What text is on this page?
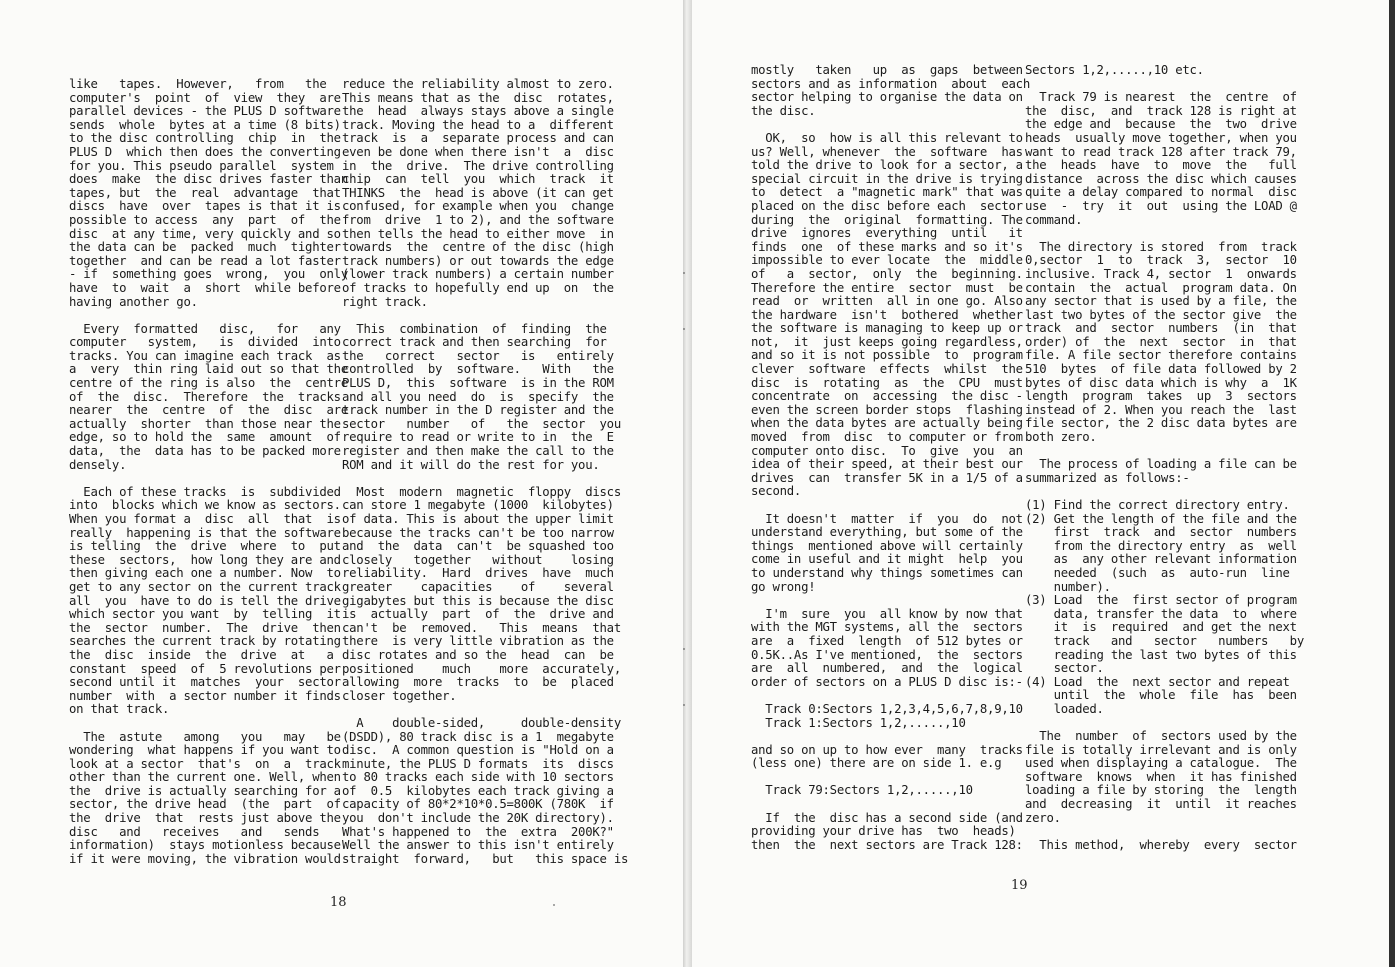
like   tapes.  However,   from   the
computer's  point  of  view  they  are
parallel devices - the PLUS D software
sends  whole  bytes at a time (8 bits)
to the disc controlling  chip  in  the
PLUS D  which then does the converting
for you. This pseudo parallel  system
does  make  the disc drives faster than
tapes, but  the  real  advantage  that
discs  have  over  tapes is that it is
possible to access  any  part  of  the
disc  at any time, very quickly and so
the data can be  packed  much  tighter
together  and can be read a lot faster
- if  something goes  wrong,  you  only
have  to  wait  a  short  while before
having another go.

Every  formatted   disc,   for   any
computer   system,   is  divided  into
tracks. You can imagine each track  as
a  very  thin ring laid out so that the
centre of the ring is also  the  centre
of  the  disc.  Therefore  the  tracks
nearer  the  centre  of  the  disc  are
actually  shorter  than those near the
edge, so to hold the  same  amount  of
data,  the  data has to be packed more
densely.

Each of these tracks  is  subdivided
into  blocks which we know as sectors.
When you format a  disc  all  that  is
really  happening is that the software
is telling  the  drive  where  to  put
these  sectors,  how long they are and
then giving each one a number. Now  to
get to any sector on the current track
all  you  have to do is tell the drive
which sector you want  by  telling  it
the  sector  number.  The  drive  then
searches the current track by rotating
the  disc  inside  the  drive  at   a
constant  speed  of  5 revolutions per
second until it  matches  your  sector
number  with  a sector number it finds
on that track.

The  astute   among   you   may   be
wondering  what happens if you want to
look at a sector  that's  on  a  track
other than the current one. Well, when
the  drive is actually searching for a
sector, the drive head  (the  part  of
the  drive  that  rests just above the
disc   and   receives   and   sends
information)  stays motionless because
if it were moving, the vibration would
reduce the reliability almost to zero.
This means that as the  disc  rotates,
the  head  always stays above a single
track. Moving the head to a  different
track  is  a  separate process and can
even be done when there isn't  a  disc
in  the  drive.  The drive controlling
chip  can  tell  you  which  track  it
THINKS  the  head is above (it can get
confused, for example when you  change
from  drive  1 to 2), and the software
then tells the head to either move  in
towards  the  centre of the disc (high
track numbers) or out towards the edge
(lower track numbers) a certain number
of tracks to hopefully end up  on  the
right track.

This  combination  of  finding  the
correct track and then searching  for
the   correct   sector   is   entirely
controlled  by  software.   With   the
PLUS D,  this  software  is in the ROM
and all you need  do  is  specify  the
track number in the D register and the
sector   number   of   the  sector  you
require to read or write to in  the  E
register and then make the call to the
ROM and it will do the rest for you.

Most  modern  magnetic  floppy  discs
can store 1 megabyte (1000  kilobytes)
of data. This is about the upper limit
because the tracks can't be too narrow
and  the  data  can't  be squashed too
closely   together   without    losing
reliability.  Hard  drives  have  much
greater    capacities    of    several
gigabytes but this is because the disc
is  actually  part  of  the  drive and
can't  be  removed.   This  means  that
there  is very little vibration as the
disc rotates and so the  head  can  be
positioned    much    more  accurately,
allowing  more  tracks  to  be  placed
closer together.

A    double-sided,     double-density
(DSDD), 80 track disc is a 1  megabyte
disc.  A common question is "Hold on a
minute, the PLUS D formats  its  discs
to 80 tracks each side with 10 sectors
of  0.5  kilobytes each track giving a
capacity of 80*2*10*0.5=800K (780K  if
you  don't include the 20K directory).
What's happened to  the  extra  200K?"
Well the answer to this isn't entirely
straight  forward,   but   this space is
18
mostly   taken   up  as  gaps  between
sectors and as information  about  each
sector helping to organise the data on
the disc.

OK,  so  how is all this relevant to
us? Well, whenever  the  software  has
told the drive to look for a sector, a
special circuit in the drive is trying
to  detect  a "magnetic mark" that was
placed on the disc before each  sector
during  the  original  formatting. The
drive  ignores  everything  until   it
finds  one  of these marks and so it's
impossible to ever locate  the  middle
of   a  sector,  only  the  beginning.
Therefore the entire  sector  must  be
read  or  written  all in one go. Also
the hardware  isn't  bothered  whether
the software is managing to keep up or
not,  it  just keeps going regardless,
and so it is not possible  to  program
clever  software  effects  whilst  the
disc  is  rotating  as  the  CPU  must
concentrate  on  accessing  the disc -
even the screen border stops  flashing
when the data bytes are actually being
moved  from  disc  to computer or from
computer onto disc.  To  give  you  an
idea of their speed, at their best our
drives  can  transfer 5K in a 1/5 of a
second.

It doesn't  matter  if  you  do  not
understand everything, but some of the
things  mentioned above will certainly
come in useful and it might  help  you
to understand why things sometimes can
go wrong!

I'm  sure  you  all know by now that
with the MGT systems, all the  sectors
are  a  fixed  length  of 512 bytes or
0.5K..As I've mentioned,  the  sectors
are  all  numbered,  and  the  logical
order of sectors on a PLUS D disc is:-

Track 0:Sectors 1,2,3,4,5,6,7,8,9,10
Track 1:Sectors 1,2,.....,10

and so on up to how ever  many  tracks
(less one) there are on side 1. e.g

Track 79:Sectors 1,2,.....,10

If  the  disc has a second side (and
providing your drive has  two  heads)
then  the  next sectors are Track 128:
Sectors 1,2,.....,10 etc.

Track 79 is nearest  the  centre  of
the  disc,  and  track 128 is right at
the edge and  because  the  two  drive
heads  usually move together, when you
want to read track 128 after track 79,
the  heads  have  to  move  the   full
distance  across the disc which causes
quite a delay compared to normal  disc
use  -  try  it  out  using the LOAD @
command.

The directory is stored  from  track
0,sector  1  to  track  3,  sector  10
inclusive. Track 4, sector  1  onwards
contain  the  actual  program data. On
any sector that is used by a file, the
last two bytes of the sector give  the
track  and  sector  numbers  (in  that
order) of  the  next  sector  in  that
file. A file sector therefore contains
510  bytes  of file data followed by 2
bytes of disc data which is why  a  1K
length  program  takes  up  3  sectors
instead of 2. When you reach the  last
file sector, the 2 disc data bytes are
both zero.

The process of loading a file can be
summarized as follows:-

(1) Find the correct directory entry.
(2) Get the length of the file and the
first  track  and  sector  numbers
from the directory entry  as  well
as  any other relevant information
needed  (such  as  auto-run  line
number).
(3) Load  the  first sector of program
data, transfer the data  to  where
it  is  required  and get the next
track   and   sector   numbers   by
reading the last two bytes of this
sector.
(4) Load  the  next sector and repeat
until  the  whole  file  has  been
loaded.

The  number  of  sectors used by the
file is totally irrelevant and is only
used when displaying a catalogue.  The
software  knows  when  it has finished
loading a file by storing  the  length
and  decreasing  it  until  it reaches
zero.

This method,  whereby  every  sector
19
